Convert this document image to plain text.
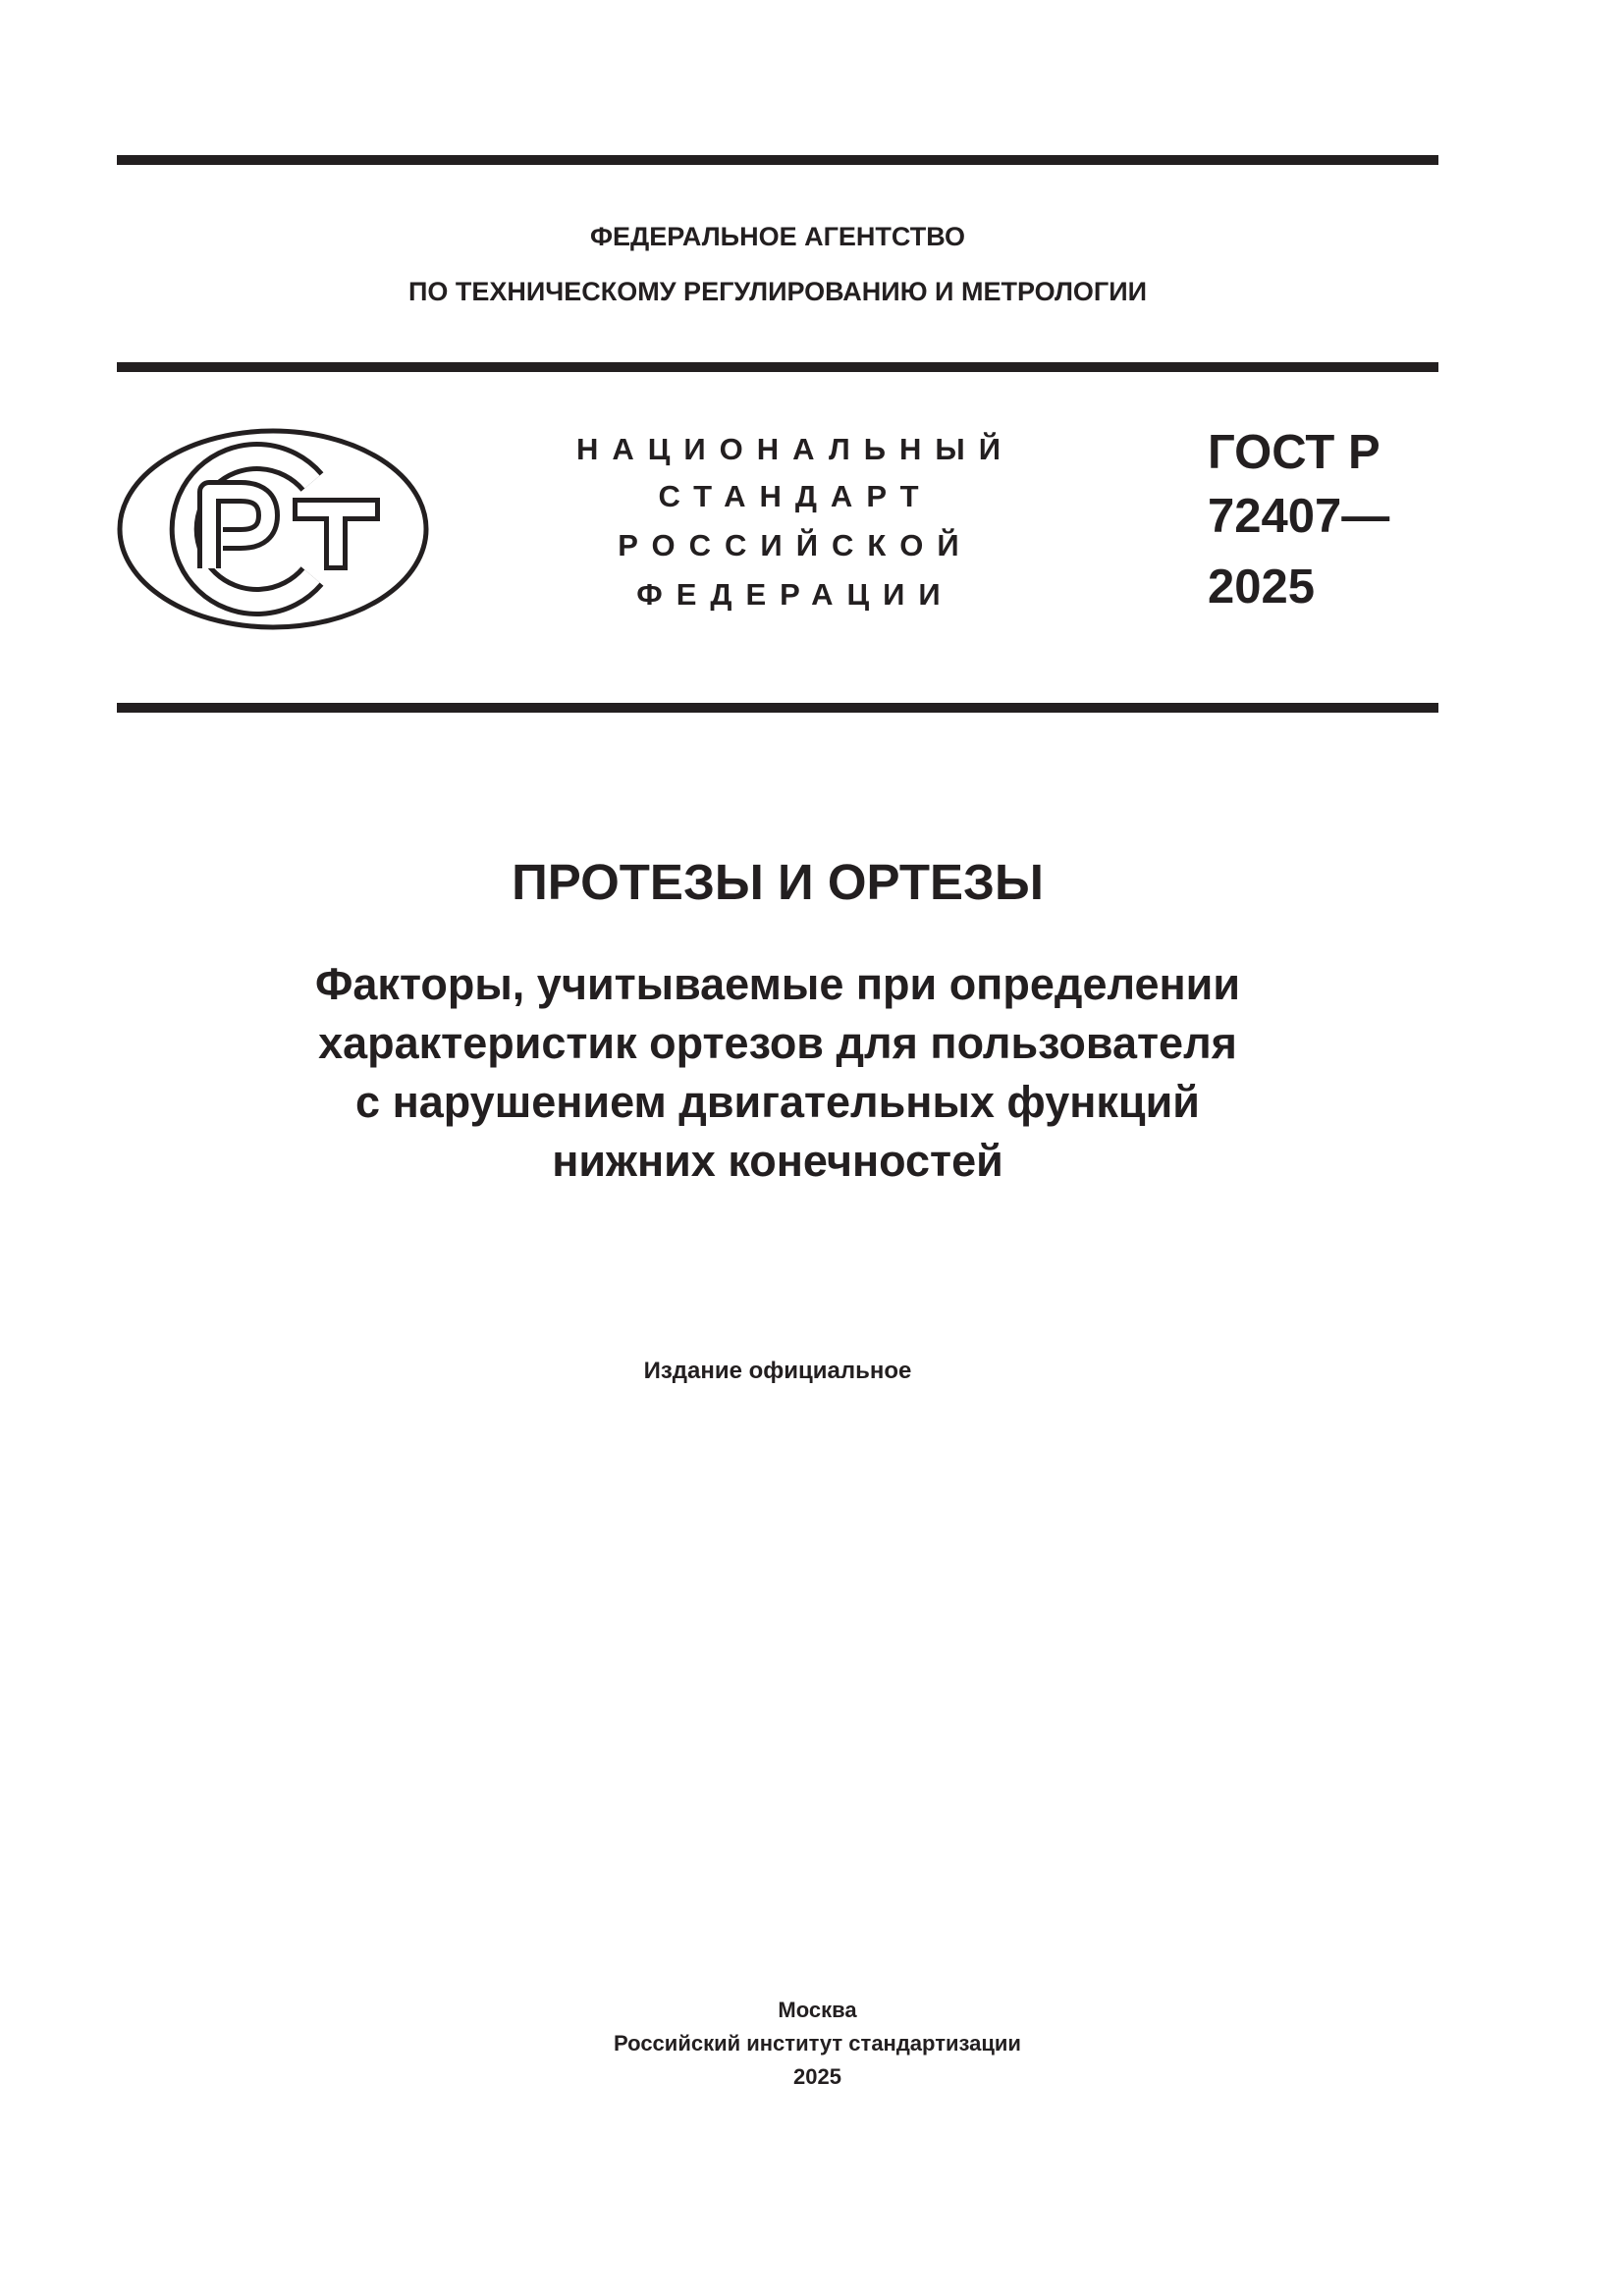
ФЕДЕРАЛЬНОЕ АГЕНТСТВО
ПО ТЕХНИЧЕСКОМУ РЕГУЛИРОВАНИЮ И МЕТРОЛОГИИ
НАЦИОНАЛЬНЫЙ
СТАНДАРТ
РОССИЙСКОЙ
ФЕДЕРАЦИИ
ГОСТ Р
72407—
2025
ПРОТЕЗЫ И ОРТЕЗЫ
Факторы, учитываемые при определении
характеристик ортезов для пользователя
с нарушением двигательных функций
нижних конечностей
Издание официальное
Москва
Российский институт стандартизации
2025
